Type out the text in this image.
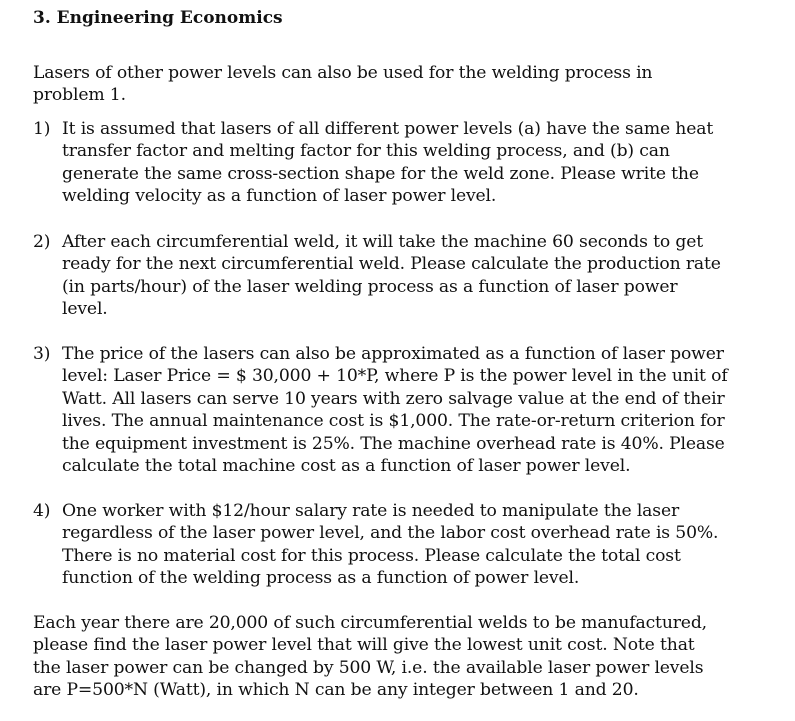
3. Engineering Economics
Lasers of other power levels can also be used for the welding process in
problem 1.
1) It is assumed that lasers of all different power levels (a) have the same heat
transfer factor and melting factor for this welding process, and (b) can
generate the same cross-section shape for the weld zone. Please write the
welding velocity as a function of laser power level.
2) After each circumferential weld, it will take the machine 60 seconds to get
ready for the next circumferential weld. Please calculate the production rate
(in parts/hour) of the laser welding process as a function of laser power
level.
3) The price of the lasers can also be approximated as a function of laser power
level: Laser Price = $ 30,000 + 10*P, where P is the power level in the unit of
Watt. All lasers can serve 10 years with zero salvage value at the end of their
lives. The annual maintenance cost is $1,000. The rate-or-return criterion for
the equipment investment is 25%. The machine overhead rate is 40%. Please
calculate the total machine cost as a function of laser power level.
4) One worker with $12/hour salary rate is needed to manipulate the laser
regardless of the laser power level, and the labor cost overhead rate is 50%.
There is no material cost for this process. Please calculate the total cost
function of the welding process as a function of power level.
Each year there are 20,000 of such circumferential welds to be manufactured,
please find the laser power level that will give the lowest unit cost. Note that
the laser power can be changed by 500 W, i.e. the available laser power levels
are P=500*N (Watt), in which N can be any integer between 1 and 20.
